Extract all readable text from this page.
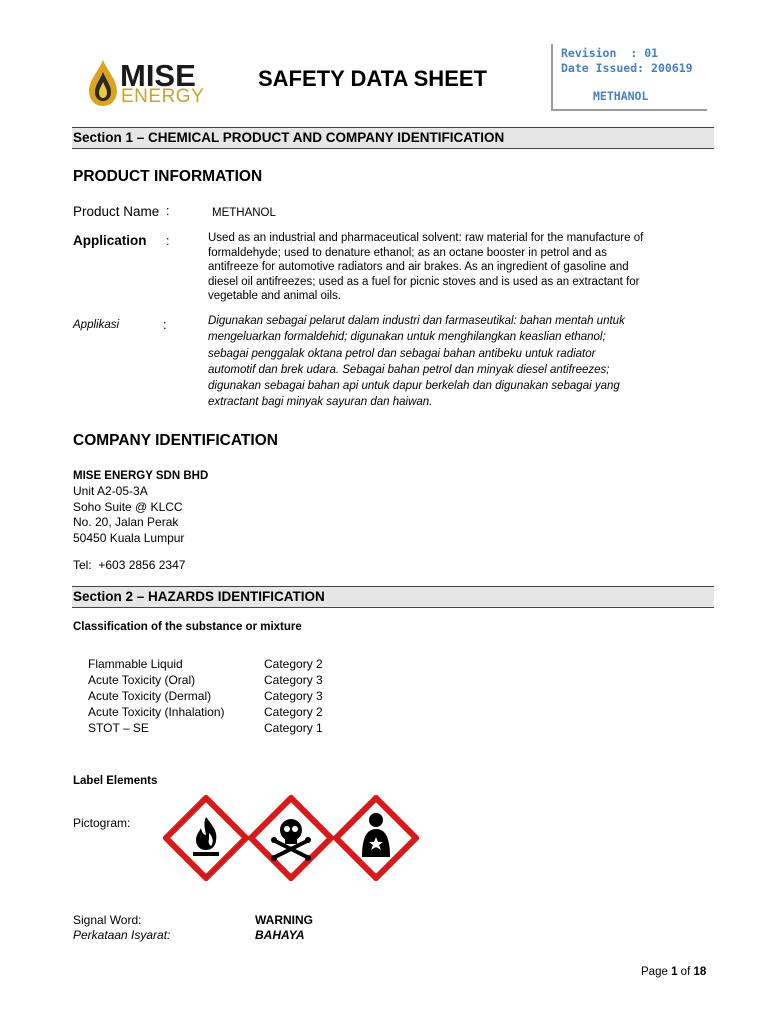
MISE
ENERGY
SAFETY DATA SHEET
Revision : 01
Date Issued: 200619
METHANOL
Section 1 – CHEMICAL PRODUCT AND COMPANY IDENTIFICATION
PRODUCT INFORMATION
Product Name :	METHANOL
Application :	Used as an industrial and pharmaceutical solvent: raw material for the manufacture of
formaldehyde; used to denature ethanol; as an octane booster in petrol and as
antifreeze for automotive radiators and air brakes. As an ingredient of gasoline and
diesel oil antifreezes; used as a fuel for picnic stoves and is used as an extractant for
vegetable and animal oils.
Applikasi	:	Digunakan sebagai pelarut dalam industri dan farmaseutikal: bahan mentah untuk
mengeluarkan formaldehid; digunakan untuk menghilangkan keaslian ethanol;
sebagai penggalak oktana petrol dan sebagai bahan antibeku untuk radiator
automotif dan brek udara. Sebagai bahan petrol dan minyak diesel antifreezes;
digunakan sebagai bahan api untuk dapur berkelah dan digunakan sebagai yang
extractant bagi minyak sayuran dan haiwan.
COMPANY IDENTIFICATION
MISE ENERGY SDN BHD
Unit A2-05-3A
Soho Suite @ KLCC
No. 20, Jalan Perak
50450 Kuala Lumpur
Tel:  +603 2856 2347
Section 2 – HAZARDS IDENTIFICATION
Classification of the substance or mixture
Flammable Liquid	Category 2
Acute Toxicity (Oral)	Category 3
Acute Toxicity (Dermal)	Category 3
Acute Toxicity (Inhalation)	Category 2
STOT – SE	Category 1
Label Elements
Pictogram:
Signal Word:	WARNING
Perkataan Isyarat:	BAHAYA
Page 1 of 18
